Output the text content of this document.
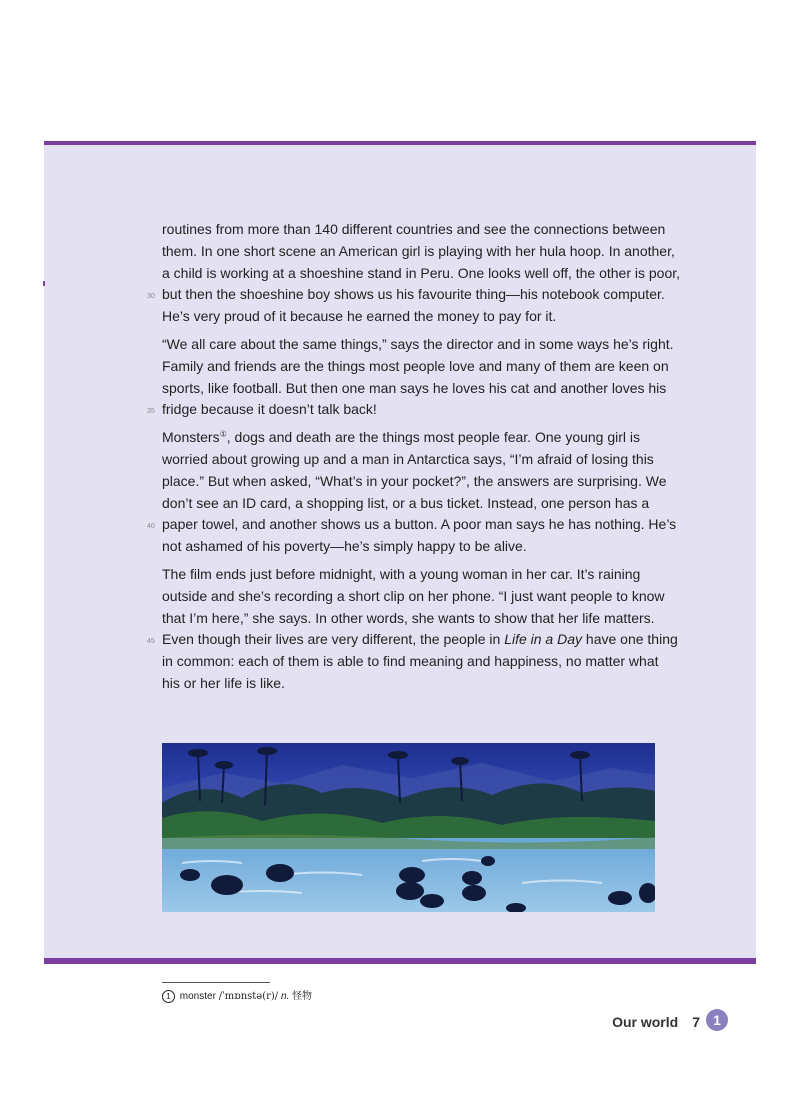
routines from more than 140 different countries and see the connections between
them. In one short scene an American girl is playing with her hula hoop. In another,
a child is working at a shoeshine stand in Peru. One looks well off, the other is poor,
30 but then the shoeshine boy shows us his favourite thing—his notebook computer.
He’s very proud of it because he earned the money to pay for it.
“We all care about the same things,” says the director and in some ways he’s right.
Family and friends are the things most people love and many of them are keen on
sports, like football. But then one man says he loves his cat and another loves his
35 fridge because it doesn’t talk back!
Monsters①, dogs and death are the things most people fear. One young girl is
worried about growing up and a man in Antarctica says, “I’m afraid of losing this
place.” But when asked, “What’s in your pocket?”, the answers are surprising. We
don’t see an ID card, a shopping list, or a bus ticket. Instead, one person has a
40 paper towel, and another shows us a button. A poor man says he has nothing. He’s
not ashamed of his poverty—he’s simply happy to be alive.
The film ends just before midnight, with a young woman in her car. It’s raining
outside and she’s recording a short clip on her phone. “I just want people to know
that I’m here,” she says. In other words, she wants to show that her life matters.
45 Even though their lives are very different, the people in Life in a Day have one thing
in common: each of them is able to find meaning and happiness, no matter what
his or her life is like.
1 monster /ˈmɒnstə(r)/ n. 怪物
Our world 7 1
